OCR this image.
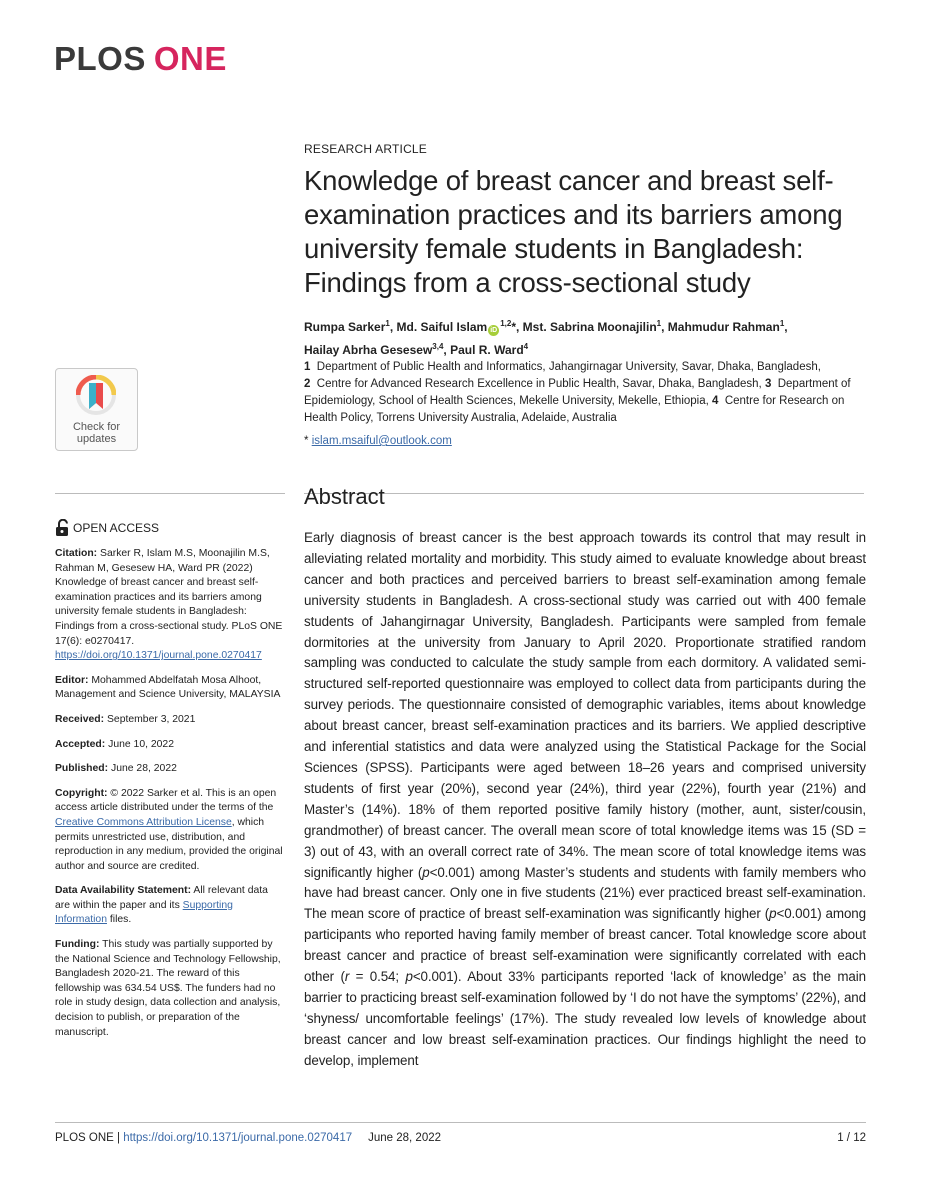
PLOS ONE
RESEARCH ARTICLE
Knowledge of breast cancer and breast self-examination practices and its barriers among university female students in Bangladesh: Findings from a cross-sectional study
Rumpa Sarker$^1$, Md. Saiful Islam iD$^{1,2}$*, Mst. Sabrina Moonajilin$^1$, Mahmudur Rahman$^1$,
Hailay Abrha Gesesew$^{3,4}$, Paul R. Ward$^4$
1 Department of Public Health and Informatics, Jahangirnagar University, Savar, Dhaka, Bangladesh,
2 Centre for Advanced Research Excellence in Public Health, Savar, Dhaka, Bangladesh, 3 Department of Epidemiology, School of Health Sciences, Mekelle University, Mekelle, Ethiopia, 4 Centre for Research on Health Policy, Torrens University Australia, Adelaide, Australia
* islam.msaiful@outlook.com
Check for
updates
OPEN ACCESS

Citation: Sarker R, Islam M.S, Moonajilin M.S, Rahman M, Gesesew HA, Ward PR (2022) Knowledge of breast cancer and breast self-examination practices and its barriers among university female students in Bangladesh: Findings from a cross-sectional study. PLoS ONE 17(6): e0270417. https://doi.org/10.1371/journal.pone.0270417

Editor: Mohammed Abdelfatah Mosa Alhoot, Management and Science University, MALAYSIA

Received: September 3, 2021

Accepted: June 10, 2022

Published: June 28, 2022

Copyright: © 2022 Sarker et al. This is an open access article distributed under the terms of the Creative Commons Attribution License, which permits unrestricted use, distribution, and reproduction in any medium, provided the original author and source are credited.

Data Availability Statement: All relevant data are within the paper and its Supporting Information files.

Funding: This study was partially supported by the National Science and Technology Fellowship, Bangladesh 2020-21. The reward of this fellowship was 634.54 US$. The funders had no role in study design, data collection and analysis, decision to publish, or preparation of the manuscript.

Abstract

Early diagnosis of breast cancer is the best approach towards its control that may result in alleviating related mortality and morbidity. This study aimed to evaluate knowledge about breast cancer and both practices and perceived barriers to breast self-examination among female university students in Bangladesh. A cross-sectional study was carried out with 400 female students of Jahangirnagar University, Bangladesh. Participants were sampled from female dormitories at the university from January to April 2020. Proportionate stratified random sampling was conducted to calculate the study sample from each dormitory. A validated semi-structured self-reported questionnaire was employed to collect data from participants during the survey periods. The questionnaire consisted of demographic variables, items about knowledge about breast cancer, breast self-examination practices and its barriers. We applied descriptive and inferential statistics and data were analyzed using the Statistical Package for the Social Sciences (SPSS). Participants were aged between 18–26 years and comprised university students of first year (20%), second year (24%), third year (22%), fourth year (21%) and Master’s (14%). 18% of them reported positive family history (mother, aunt, sister/cousin, grandmother) of breast cancer. The overall mean score of total knowledge items was 15 (SD = 3) out of 43, with an overall correct rate of 34%. The mean score of total knowledge items was significantly higher (p<0.001) among Master’s students and students with family members who have had breast cancer. Only one in five students (21%) ever practiced breast self-examination. The mean score of practice of breast self-examination was significantly higher (p<0.001) among participants who reported having family member of breast cancer. Total knowledge score about breast cancer and practice of breast self-examination were significantly correlated with each other (r = 0.54; p<0.001). About 33% participants reported ‘lack of knowledge’ as the main barrier to practicing breast self-examination followed by ‘I do not have the symptoms’ (22%), and ‘shyness/ uncomfortable feelings’ (17%). The study revealed low levels of knowledge about breast cancer and low breast self-examination practices. Our findings highlight the need to develop, implement

PLOS ONE | https://doi.org/10.1371/journal.pone.0270417 June 28, 2022	1 / 12
